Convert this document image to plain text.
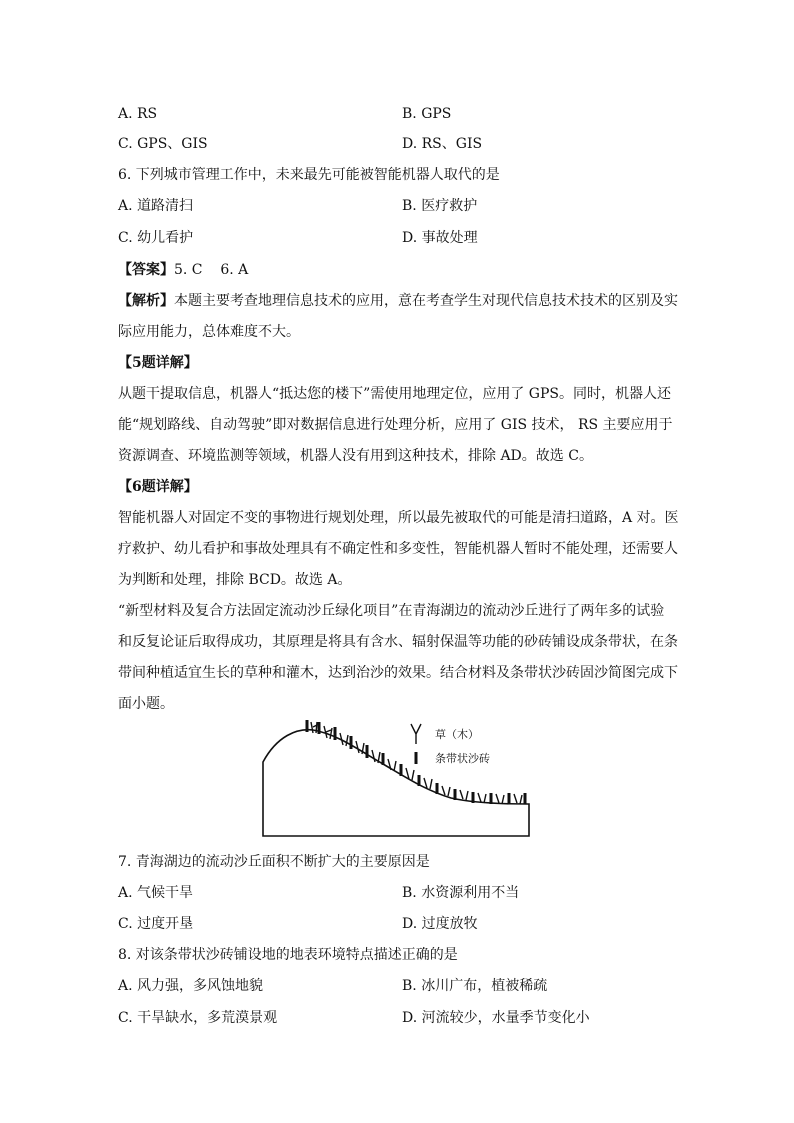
A. RS	B. GPS
C. GPS、GIS	D. RS、GIS
6. 下列城市管理工作中，未来最先可能被智能机器人取代的是
A. 道路清扫	B. 医疗救护
C. 幼儿看护	D. 事故处理
【答案】5. C    6. A
【解析】本题主要考查地理信息技术的应用，意在考查学生对现代信息技术技术的区别及实
际应用能力，总体难度不大。
【5题详解】
从题干提取信息，机器人“抵达您的楼下”需使用地理定位，应用了 GPS。同时，机器人还
能“规划路线、自动驾驶”即对数据信息进行处理分析，应用了 GIS 技术， RS 主要应用于
资源调查、环境监测等领域，机器人没有用到这种技术，排除 AD。故选 C。
【6题详解】
智能机器人对固定不变的事物进行规划处理，所以最先被取代的可能是清扫道路，A 对。医
疗救护、幼儿看护和事故处理具有不确定性和多变性，智能机器人暂时不能处理，还需要人
为判断和处理，排除 BCD。故选 A。
“新型材料及复合方法固定流动沙丘绿化项目”在青海湖边的流动沙丘进行了两年多的试验
和反复论证后取得成功，其原理是将具有含水、辐射保温等功能的砂砖铺设成条带状，在条
带间种植适宜生长的草种和灌木，达到治沙的效果。结合材料及条带状沙砖固沙简图完成下
面小题。
草（木）
条带状沙砖
7. 青海湖边的流动沙丘面积不断扩大的主要原因是
A. 气候干旱	B. 水资源利用不当
C. 过度开垦	D. 过度放牧
8. 对该条带状沙砖铺设地的地表环境特点描述正确的是
A. 风力强，多风蚀地貌	B. 冰川广布，植被稀疏
C. 干旱缺水，多荒漠景观	D. 河流较少，水量季节变化小
